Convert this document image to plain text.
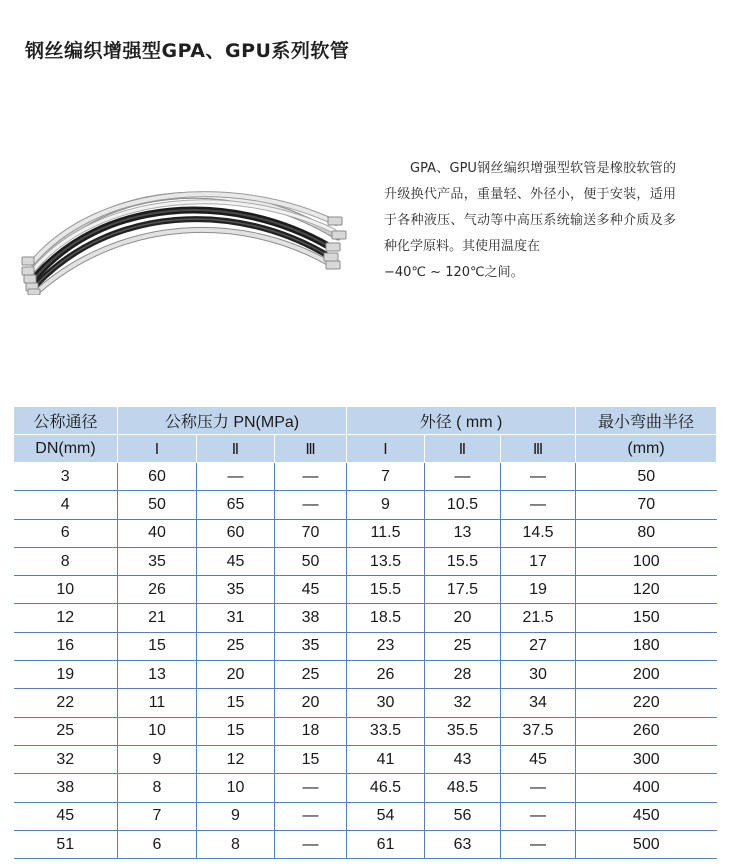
钢丝编织增强型GPA、GPU系列软管

GPA、GPU钢丝编织增强型软管是橡胶软管的升级换代产品，重量轻、外径小，便于安装，适用于各种液压、气动等中高压系统输送多种介质及多种化学原料。其使用温度在
−40℃ ~ 120℃之间。

公称通径	公称压力 PN(MPa)			外径 ( mm )			最小弯曲半径
DN(mm)	Ⅰ	Ⅱ	Ⅲ	Ⅰ	Ⅱ	Ⅲ	(mm)
3	60	—	—	7	—	—	50
4	50	65	—	9	10.5	—	70
6	40	60	70	11.5	13	14.5	80
8	35	45	50	13.5	15.5	17	100
10	26	35	45	15.5	17.5	19	120
12	21	31	38	18.5	20	21.5	150
16	15	25	35	23	25	27	180
19	13	20	25	26	28	30	200
22	11	15	20	30	32	34	220
25	10	15	18	33.5	35.5	37.5	260
32	9	12	15	41	43	45	300
38	8	10	—	46.5	48.5	—	400
45	7	9	—	54	56	—	450
51	6	8	—	61	63	—	500
